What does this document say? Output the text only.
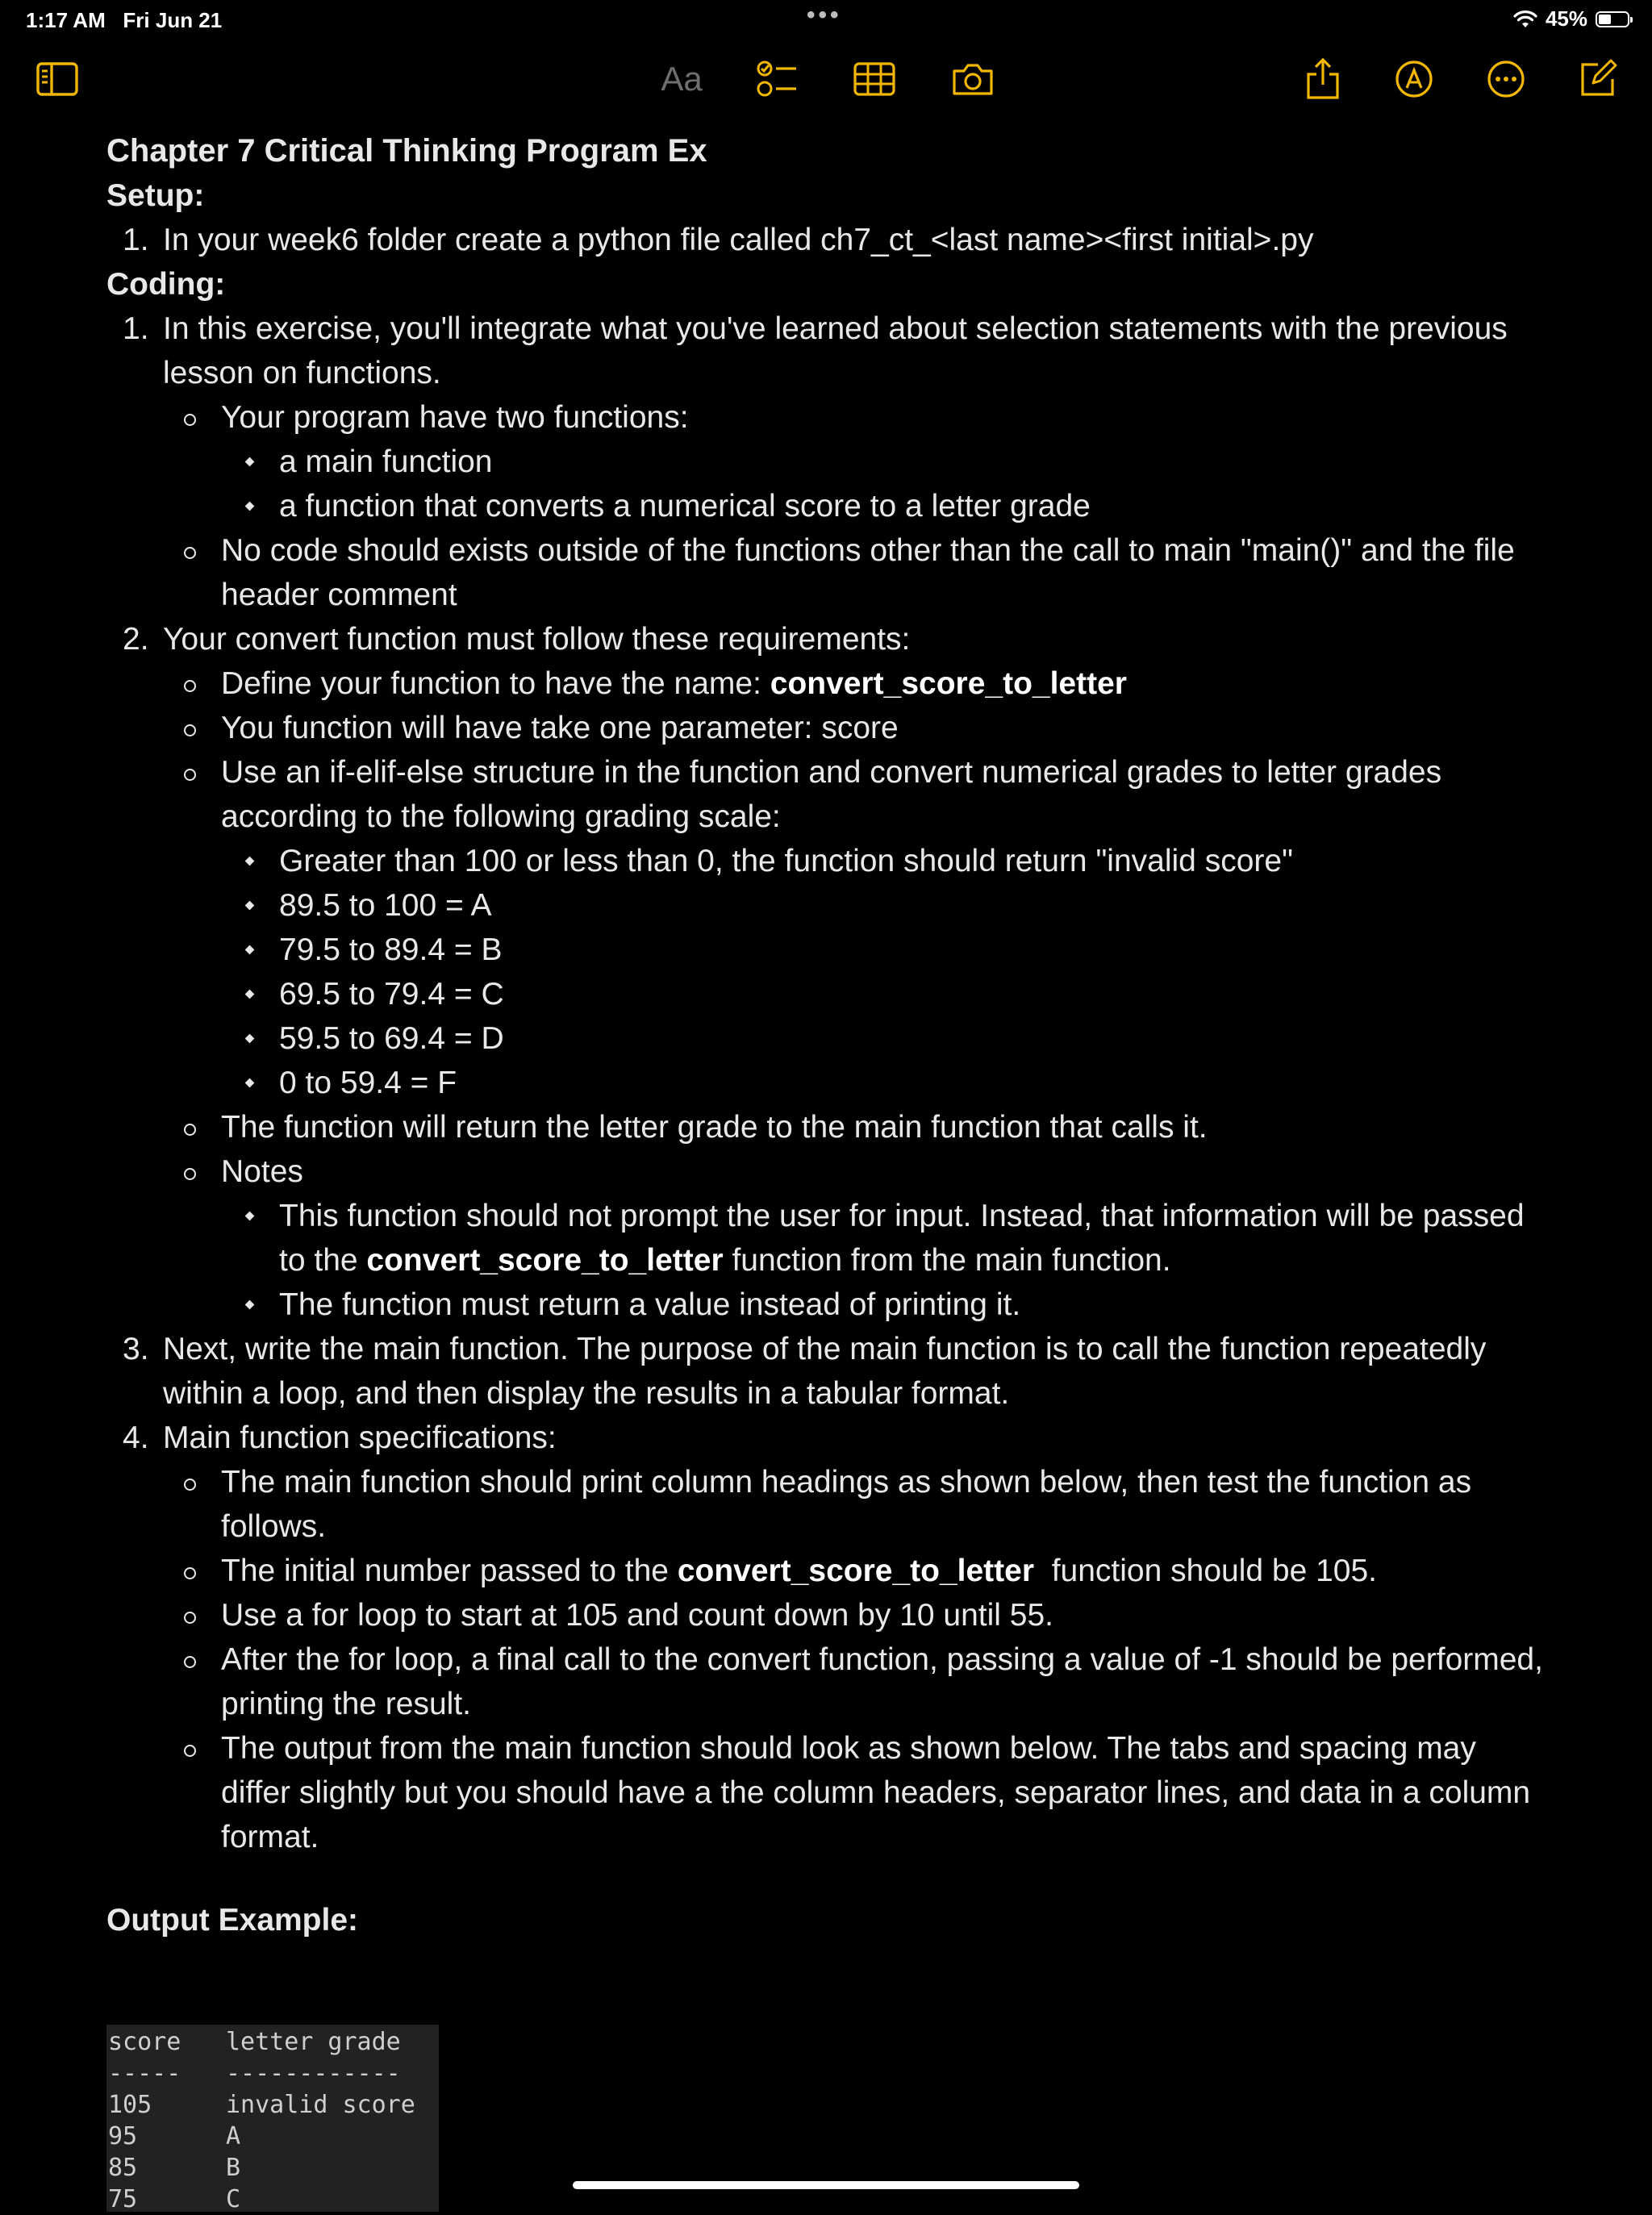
1:17 AM Fri Jun 21	•••	45%
Aa
Chapter 7 Critical Thinking Program Ex
Setup:
1. In your week6 folder create a python file called ch7_ct_<last name><first initial>.py
Coding:
1. In this exercise, you'll integrate what you've learned about selection statements with the previous lesson on functions.
Your program have two functions:
a main function
a function that converts a numerical score to a letter grade
No code should exists outside of the functions other than the call to main "main()" and the file header comment
2. Your convert function must follow these requirements:
Define your function to have the name: convert_score_to_letter
You function will have take one parameter: score
Use an if-elif-else structure in the function and convert numerical grades to letter grades according to the following grading scale:
Greater than 100 or less than 0, the function should return "invalid score"
89.5 to 100 = A
79.5 to 89.4 = B
69.5 to 79.4 = C
59.5 to 69.4 = D
0 to 59.4 = F
The function will return the letter grade to the main function that calls it.
Notes
This function should not prompt the user for input. Instead, that information will be passed to the convert_score_to_letter function from the main function.
The function must return a value instead of printing it.
3. Next, write the main function. The purpose of the main function is to call the function repeatedly within a loop, and then display the results in a tabular format.
4. Main function specifications:
The main function should print column headings as shown below, then test the function as follows.
The initial number passed to the convert_score_to_letter  function should be 105.
Use a for loop to start at 105 and count down by 10 until 55.
After the for loop, a final call to the convert function, passing a value of -1 should be performed, printing the result.
The output from the main function should look as shown below. The tabs and spacing may differ slightly but you should have a the column headers, separator lines, and data in a column format.
Output Example:
score	letter grade
-----	------------
105	invalid score
95	A
85	B
75	C
